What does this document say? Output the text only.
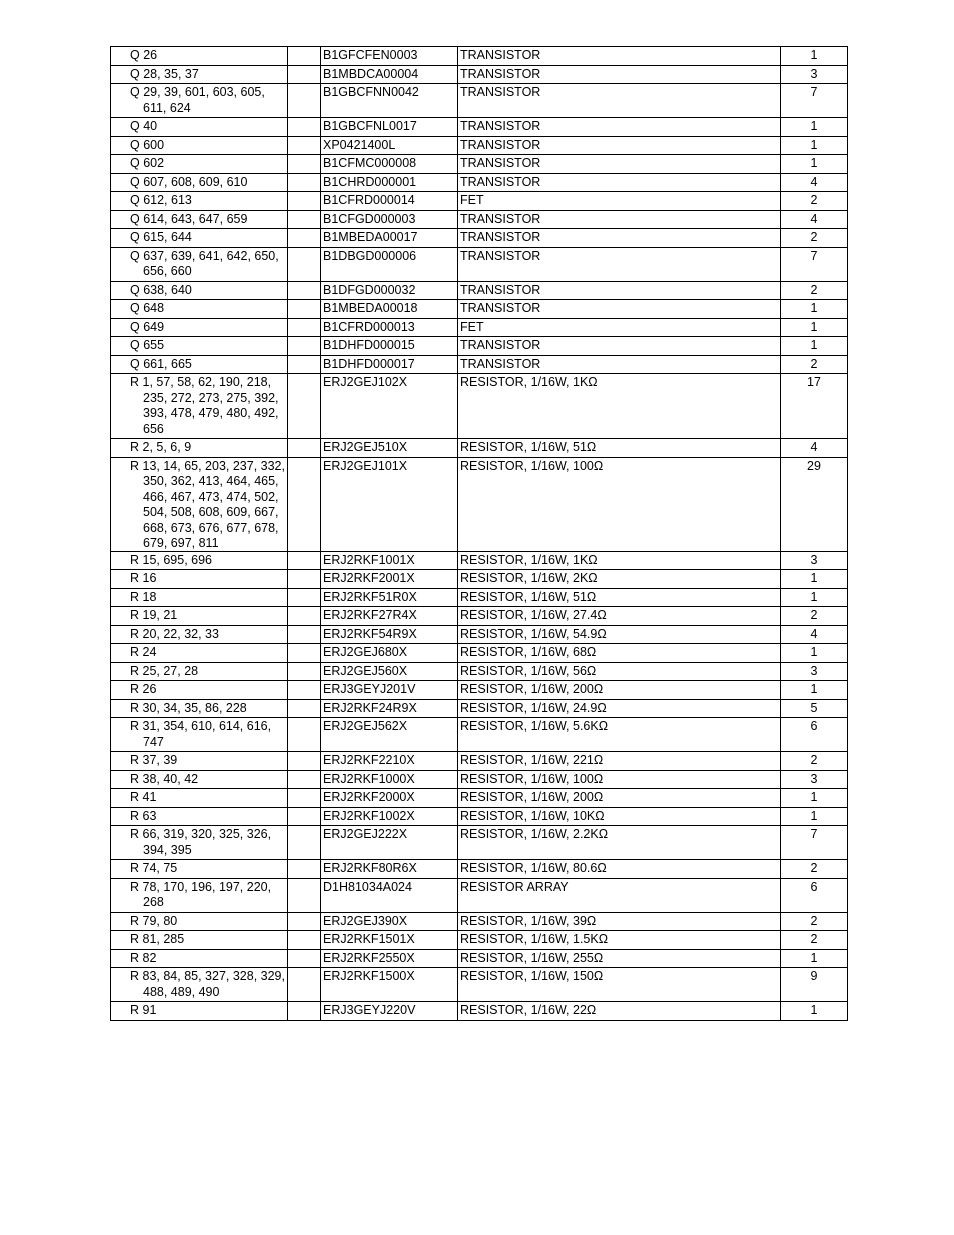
Q 26		B1GFCFEN0003	TRANSISTOR	1

Q 28, 35, 37		B1MBDCA00004	TRANSISTOR	3

Q 29, 39, 601, 603, 605, 611, 624		B1GBCFNN0042	TRANSISTOR	7

Q 40		B1GBCFNL0017	TRANSISTOR	1

Q 600		XP0421400L	TRANSISTOR	1

Q 602		B1CFMC000008	TRANSISTOR	1

Q 607, 608, 609, 610		B1CHRD000001	TRANSISTOR	4

Q 612, 613		B1CFRD000014	FET	2

Q 614, 643, 647, 659		B1CFGD000003	TRANSISTOR	4

Q 615, 644		B1MBEDA00017	TRANSISTOR	2

Q 637, 639, 641, 642, 650, 656, 660		B1DBGD000006	TRANSISTOR	7

Q 638, 640		B1DFGD000032	TRANSISTOR	2

Q 648		B1MBEDA00018	TRANSISTOR	1

Q 649		B1CFRD000013	FET	1

Q 655		B1DHFD000015	TRANSISTOR	1

Q 661, 665		B1DHFD000017	TRANSISTOR	2

R 1, 57, 58, 62, 190, 218, 235, 272, 273, 275, 392, 393, 478, 479, 480, 492, 656		ERJ2GEJ102X	RESISTOR, 1/16W, 1KΩ	17

R 2, 5, 6, 9		ERJ2GEJ510X	RESISTOR, 1/16W, 51Ω	4

R 13, 14, 65, 203, 237, 332, 350, 362, 413, 464, 465, 466, 467, 473, 474, 502, 504, 508, 608, 609, 667, 668, 673, 676, 677, 678, 679, 697, 811		ERJ2GEJ101X	RESISTOR, 1/16W, 100Ω	29

R 15, 695, 696		ERJ2RKF1001X	RESISTOR, 1/16W, 1KΩ	3

R 16		ERJ2RKF2001X	RESISTOR, 1/16W, 2KΩ	1

R 18		ERJ2RKF51R0X	RESISTOR, 1/16W, 51Ω	1

R 19, 21		ERJ2RKF27R4X	RESISTOR, 1/16W, 27.4Ω	2

R 20, 22, 32, 33		ERJ2RKF54R9X	RESISTOR, 1/16W, 54.9Ω	4

R 24		ERJ2GEJ680X	RESISTOR, 1/16W, 68Ω	1

R 25, 27, 28		ERJ2GEJ560X	RESISTOR, 1/16W, 56Ω	3

R 26		ERJ3GEYJ201V	RESISTOR, 1/16W, 200Ω	1

R 30, 34, 35, 86, 228		ERJ2RKF24R9X	RESISTOR, 1/16W, 24.9Ω	5

R 31, 354, 610, 614, 616, 747		ERJ2GEJ562X	RESISTOR, 1/16W, 5.6KΩ	6

R 37, 39		ERJ2RKF2210X	RESISTOR, 1/16W, 221Ω	2

R 38, 40, 42		ERJ2RKF1000X	RESISTOR, 1/16W, 100Ω	3

R 41		ERJ2RKF2000X	RESISTOR, 1/16W, 200Ω	1

R 63		ERJ2RKF1002X	RESISTOR, 1/16W, 10KΩ	1

R 66, 319, 320, 325, 326, 394, 395		ERJ2GEJ222X	RESISTOR, 1/16W, 2.2KΩ	7

R 74, 75		ERJ2RKF80R6X	RESISTOR, 1/16W, 80.6Ω	2

R 78, 170, 196, 197, 220, 268		D1H81034A024	RESISTOR ARRAY	6

R 79, 80		ERJ2GEJ390X	RESISTOR, 1/16W, 39Ω	2

R 81, 285		ERJ2RKF1501X	RESISTOR, 1/16W, 1.5KΩ	2

R 82		ERJ2RKF2550X	RESISTOR, 1/16W, 255Ω	1

R 83, 84, 85, 327, 328, 329, 488, 489, 490		ERJ2RKF1500X	RESISTOR, 1/16W, 150Ω	9

R 91		ERJ3GEYJ220V	RESISTOR, 1/16W, 22Ω	1
